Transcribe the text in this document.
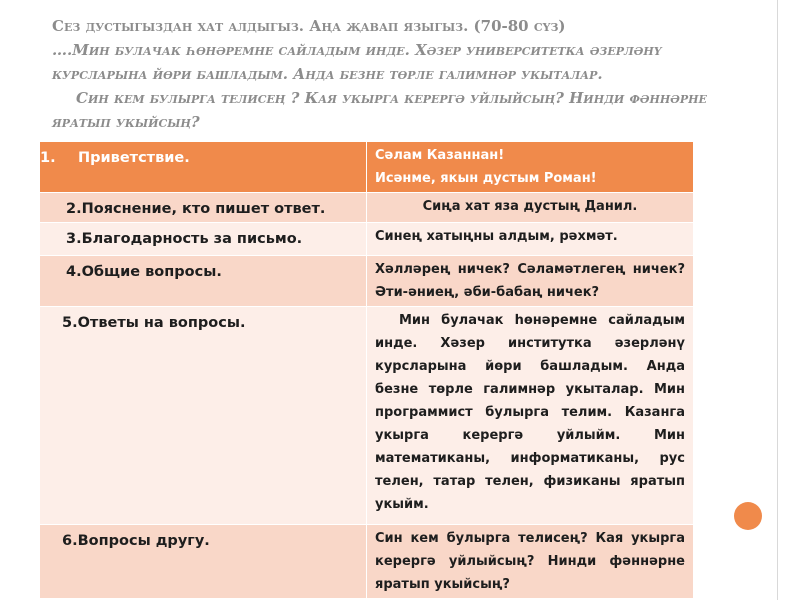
Сез дустыгыздан хат алдыгыз. Аңа җавап языгыз. (70-80 сүз)
….Мин булачак һөнәремне сайладым инде. Хәзер университетка әзерләнү
курсларына йөри башладым. Анда безне төрле галимнәр укыталар.
Син кем булырга телисең ? Кая укырга керергә уйлыйсың? Нинди фәннәрне
яратып укыйсың?
1. Приветствие.	Сәлам Казаннан!
Исәнме, якын дустым Роман!

2.Пояснение, кто пишет ответ.	Сиңа хат яза дустың Данил.
3.Благодарность за письмо.	Синең хатыңны алдым, рәхмәт.
4.Общие вопросы.	Хәлләрең ничек? Сәламәтлегең ничек? Әти-әниең, әби-бабаң ничек?
5.Ответы на вопросы.	Мин булачак һөнәремне сайладым инде. Хәзер институтка әзерләнү курсларына йөри башладым. Анда безне төрле галимнәр укыталар. Мин программист булырга телим. Казанга укырга керергә уйлыйм. Мин математиканы, информатиканы, рус телен, татар телен, физиканы яратып укыйм.
6.Вопросы другу.	Син кем булырга телисең? Кая укырга керергә уйлыйсың? Нинди фәннәрне яратып укыйсың?
